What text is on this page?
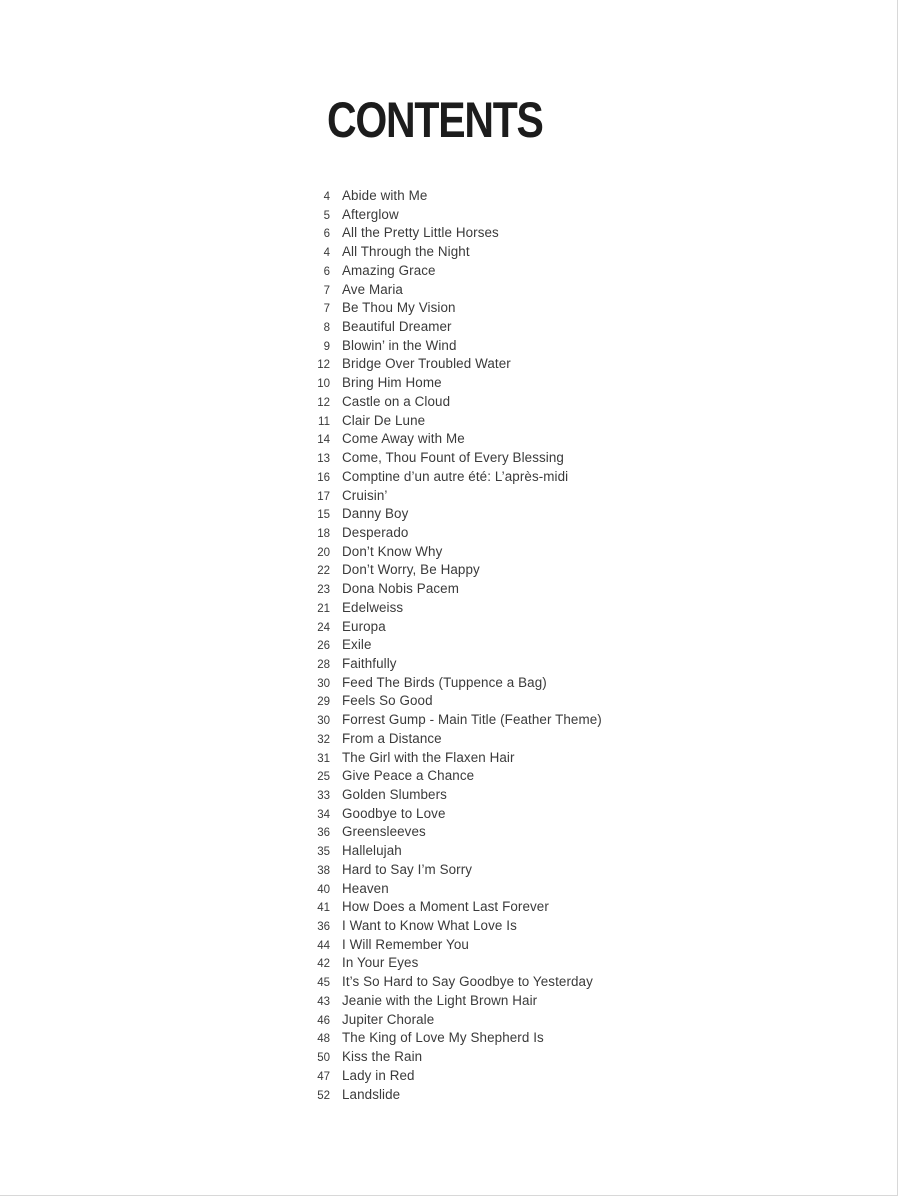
CONTENTS
4 Abide with Me
5 Afterglow
6 All the Pretty Little Horses
4 All Through the Night
6 Amazing Grace
7 Ave Maria
7 Be Thou My Vision
8 Beautiful Dreamer
9 Blowin’ in the Wind
12 Bridge Over Troubled Water
10 Bring Him Home
12 Castle on a Cloud
11 Clair De Lune
14 Come Away with Me
13 Come, Thou Fount of Every Blessing
16 Comptine d’un autre été: L’après-midi
17 Cruisin’
15 Danny Boy
18 Desperado
20 Don’t Know Why
22 Don’t Worry, Be Happy
23 Dona Nobis Pacem
21 Edelweiss
24 Europa
26 Exile
28 Faithfully
30 Feed The Birds (Tuppence a Bag)
29 Feels So Good
30 Forrest Gump - Main Title (Feather Theme)
32 From a Distance
31 The Girl with the Flaxen Hair
25 Give Peace a Chance
33 Golden Slumbers
34 Goodbye to Love
36 Greensleeves
35 Hallelujah
38 Hard to Say I’m Sorry
40 Heaven
41 How Does a Moment Last Forever
36 I Want to Know What Love Is
44 I Will Remember You
42 In Your Eyes
45 It’s So Hard to Say Goodbye to Yesterday
43 Jeanie with the Light Brown Hair
46 Jupiter Chorale
48 The King of Love My Shepherd Is
50 Kiss the Rain
47 Lady in Red
52 Landslide
